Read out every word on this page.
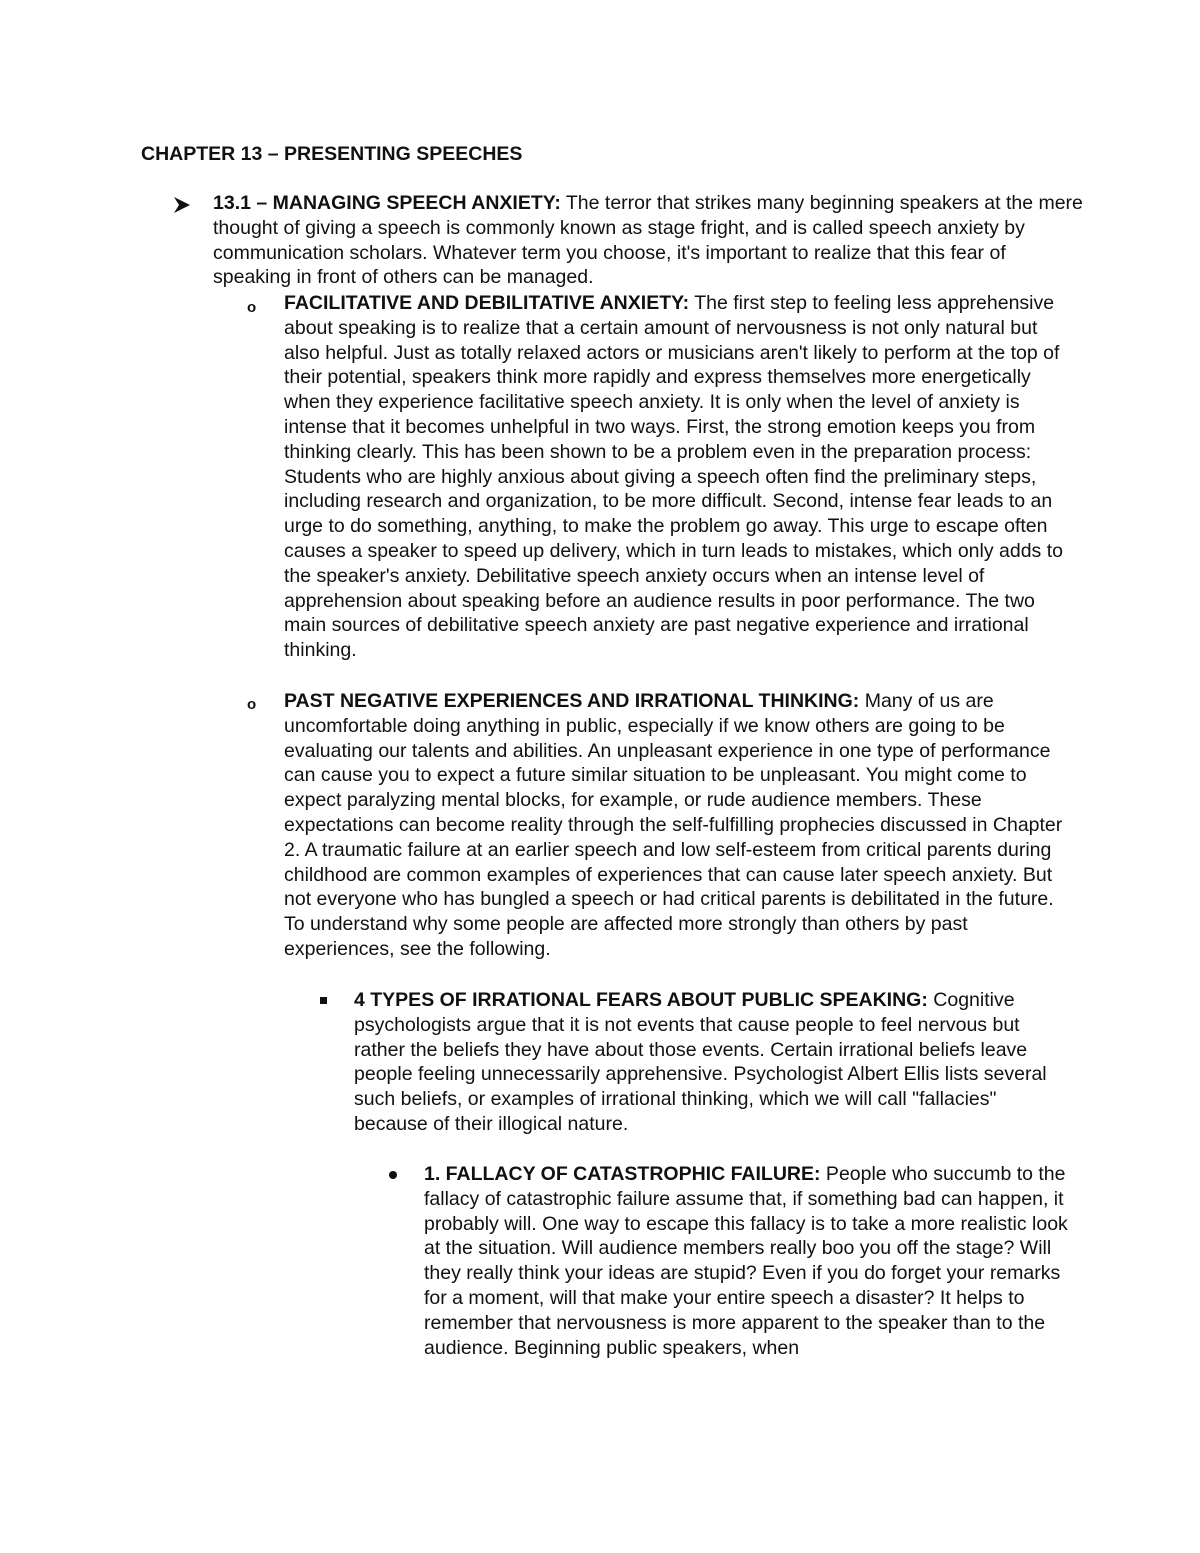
CHAPTER 13 – PRESENTING SPEECHES

13.1 – MANAGING SPEECH ANXIETY: The terror that strikes many beginning speakers at the mere thought of giving a speech is commonly known as stage fright, and is called speech anxiety by communication scholars. Whatever term you choose, it's important to realize that this fear of speaking in front of others can be managed.

o FACILITATIVE AND DEBILITATIVE ANXIETY: The first step to feeling less apprehensive about speaking is to realize that a certain amount of nervousness is not only natural but also helpful. Just as totally relaxed actors or musicians aren't likely to perform at the top of their potential, speakers think more rapidly and express themselves more energetically when they experience facilitative speech anxiety. It is only when the level of anxiety is intense that it becomes unhelpful in two ways. First, the strong emotion keeps you from thinking clearly. This has been shown to be a problem even in the preparation process: Students who are highly anxious about giving a speech often find the preliminary steps, including research and organization, to be more difficult. Second, intense fear leads to an urge to do something, anything, to make the problem go away. This urge to escape often causes a speaker to speed up delivery, which in turn leads to mistakes, which only adds to the speaker's anxiety. Debilitative speech anxiety occurs when an intense level of apprehension about speaking before an audience results in poor performance. The two main sources of debilitative speech anxiety are past negative experience and irrational thinking.

o PAST NEGATIVE EXPERIENCES AND IRRATIONAL THINKING: Many of us are uncomfortable doing anything in public, especially if we know others are going to be evaluating our talents and abilities. An unpleasant experience in one type of performance can cause you to expect a future similar situation to be unpleasant. You might come to expect paralyzing mental blocks, for example, or rude audience members. These expectations can become reality through the self-fulfilling prophecies discussed in Chapter 2. A traumatic failure at an earlier speech and low self-esteem from critical parents during childhood are common examples of experiences that can cause later speech anxiety. But not everyone who has bungled a speech or had critical parents is debilitated in the future. To understand why some people are affected more strongly than others by past experiences, see the following.

4 TYPES OF IRRATIONAL FEARS ABOUT PUBLIC SPEAKING: Cognitive psychologists argue that it is not events that cause people to feel nervous but rather the beliefs they have about those events. Certain irrational beliefs leave people feeling unnecessarily apprehensive. Psychologist Albert Ellis lists several such beliefs, or examples of irrational thinking, which we will call "fallacies" because of their illogical nature.

1. FALLACY OF CATASTROPHIC FAILURE: People who succumb to the fallacy of catastrophic failure assume that, if something bad can happen, it probably will. One way to escape this fallacy is to take a more realistic look at the situation. Will audience members really boo you off the stage? Will they really think your ideas are stupid? Even if you do forget your remarks for a moment, will that make your entire speech a disaster? It helps to remember that nervousness is more apparent to the speaker than to the audience. Beginning public speakers, when
